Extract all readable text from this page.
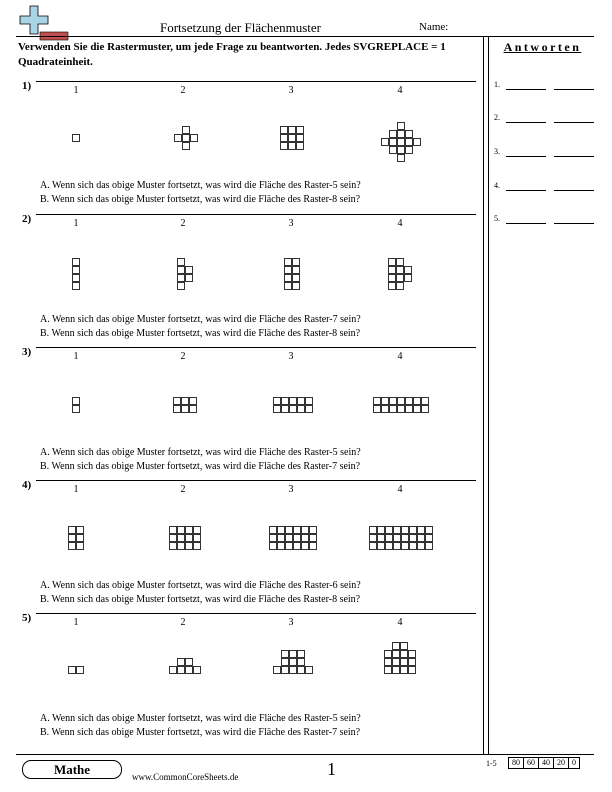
Fortsetzung der Flächenmuster	Name:
Verwenden Sie die Rastermuster, um jede Frage zu beantworten. Jedes SVGREPLACE = 1 Quadrateinheit.
Antworten
1.
2.
3.
4.
5.
1)	1	2	3	4
A. Wenn sich das obige Muster fortsetzt, was wird die Fläche des Raster-5 sein?
B. Wenn sich das obige Muster fortsetzt, was wird die Fläche des Raster-8 sein?
2)	1	2	3	4
A. Wenn sich das obige Muster fortsetzt, was wird die Fläche des Raster-7 sein?
B. Wenn sich das obige Muster fortsetzt, was wird die Fläche des Raster-8 sein?
3)	1	2	3	4
A. Wenn sich das obige Muster fortsetzt, was wird die Fläche des Raster-5 sein?
B. Wenn sich das obige Muster fortsetzt, was wird die Fläche des Raster-7 sein?
4)	1	2	3	4
A. Wenn sich das obige Muster fortsetzt, was wird die Fläche des Raster-6 sein?
B. Wenn sich das obige Muster fortsetzt, was wird die Fläche des Raster-8 sein?
5)	1	2	3	4
A. Wenn sich das obige Muster fortsetzt, was wird die Fläche des Raster-5 sein?
B. Wenn sich das obige Muster fortsetzt, was wird die Fläche des Raster-7 sein?
Mathe	www.CommonCoreSheets.de	1	1-5	80 60 40 20 0
